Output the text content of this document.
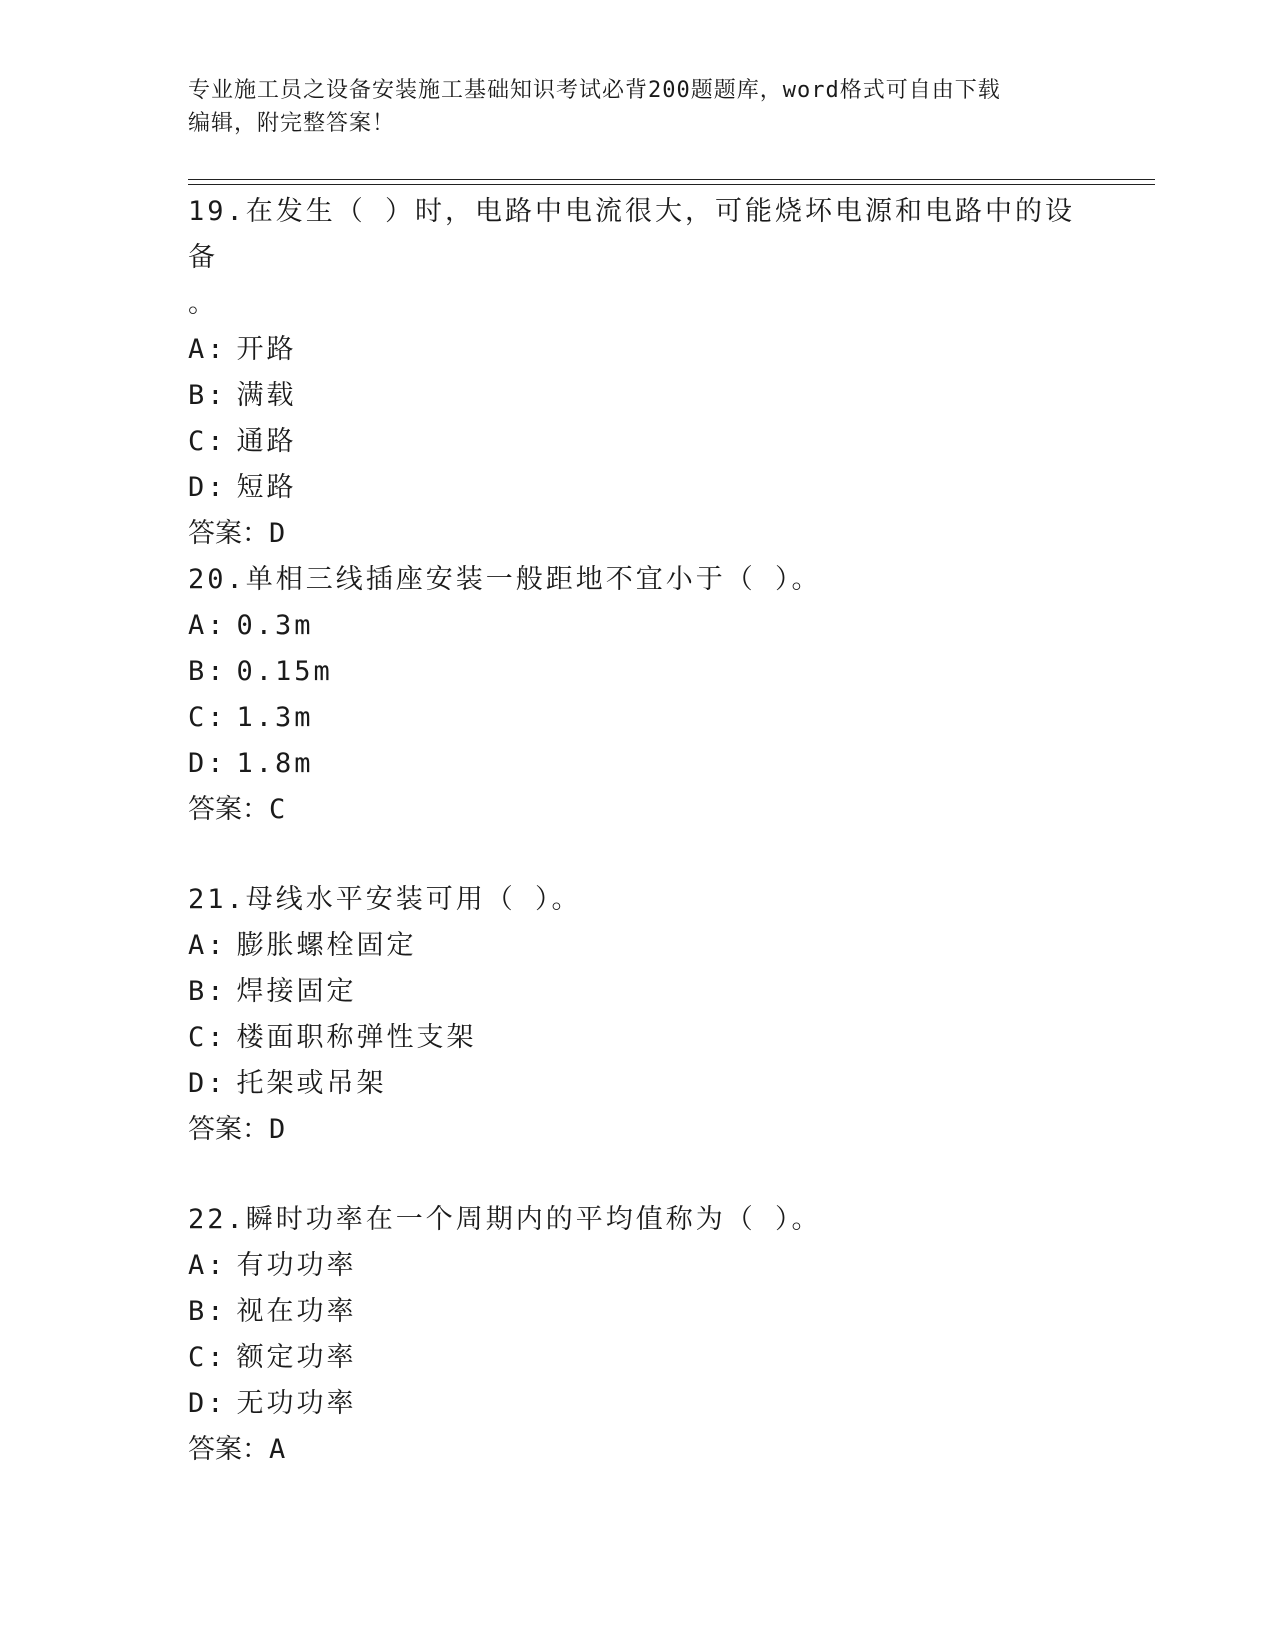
专业施工员之设备安装施工基础知识考试必背200题题库，word格式可自由下载
编辑，附完整答案！
19.在发生（ ）时，电路中电流很大，可能烧坏电源和电路中的设备
。
A: 开路
B: 满载
C: 通路
D: 短路
答案：D
20.单相三线插座安装一般距地不宜小于（ ）。
A: 0.3m
B: 0.15m
C: 1.3m
D: 1.8m
答案：C
21.母线水平安装可用（ ）。
A: 膨胀螺栓固定
B: 焊接固定
C: 楼面职称弹性支架
D: 托架或吊架
答案：D
22.瞬时功率在一个周期内的平均值称为（ ）。
A: 有功功率
B: 视在功率
C: 额定功率
D: 无功功率
答案：A
